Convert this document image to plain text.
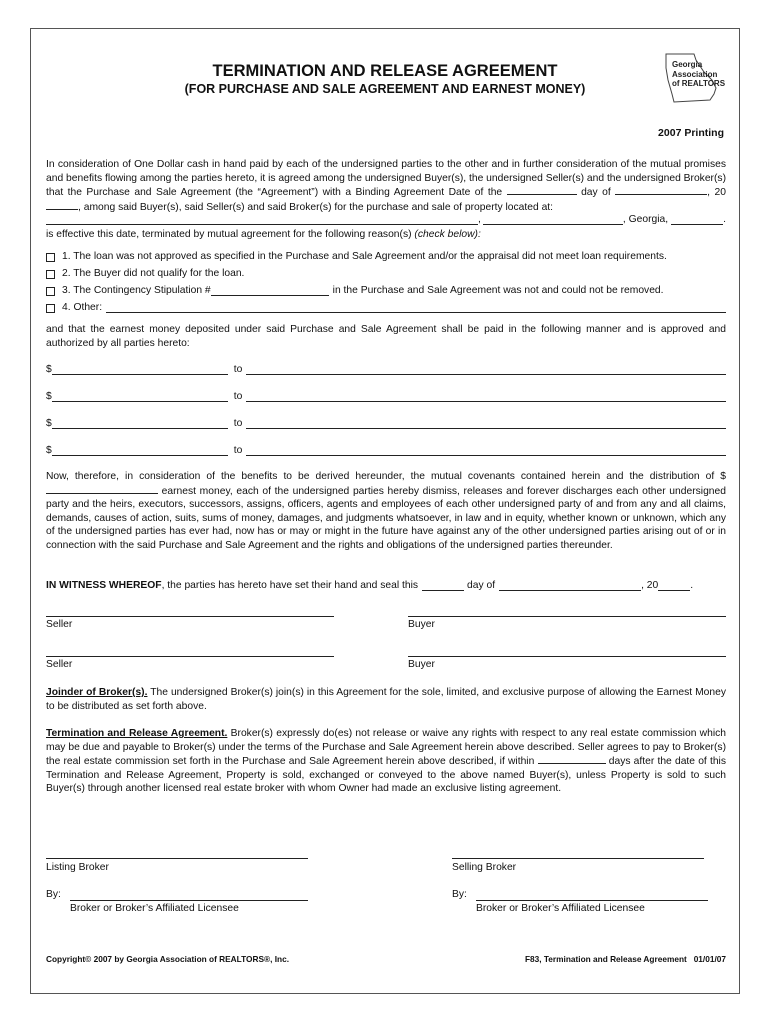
TERMINATION AND RELEASE AGREEMENT
(FOR PURCHASE AND SALE AGREEMENT AND EARNEST MONEY)
Georgia
Association
of REALTORS
2007 Printing
In consideration of One Dollar cash in hand paid by each of the undersigned parties to the other and in further consideration of the mutual promises and benefits flowing among the parties hereto, it is agreed among the undersigned Buyer(s), the undersigned Seller(s) and the undersigned Broker(s) that the Purchase and Sale Agreement (the “Agreement”) with a Binding Agreement Date of the	day of	, 20, among said Buyer(s), said Seller(s) and said Broker(s) for the purchase and sale of property located at:
,	, Georgia,	.
is effective this date, terminated by mutual agreement for the following reason(s) (check below):
1. The loan was not approved as specified in the Purchase and Sale Agreement and/or the appraisal did not meet loan requirements.
2. The Buyer did not qualify for the loan.
3. The Contingency Stipulation #	in the Purchase and Sale Agreement was not and could not be removed.
4. Other:
and that the earnest money deposited under said Purchase and Sale Agreement shall be paid in the following manner and is approved and authorized by all parties hereto:
$	to
$	to
$	to
$	to
Now, therefore, in consideration of the benefits to be derived hereunder, the mutual covenants contained herein and the distribution of $ earnest money, each of the undersigned parties hereby dismiss, releases and forever discharges each other undersigned party and the heirs, executors, successors, assigns, officers, agents and employees of each other undersigned party of and from any and all claims, demands, causes of action, suits, sums of money, damages, and judgments whatsoever, in law and in equity, whether known or unknown, which any of the undersigned parties has ever had, now has or may or might in the future have against any of the other undersigned parties arising out of or in connection with the said Purchase and Sale Agreement and the rights and obligations of the undersigned parties thereunder.
IN WITNESS WHEREOF , the parties has hereto have set their hand and seal this	day of	, 20	.
Seller	Buyer
Seller	Buyer
Joinder of Broker(s). The undersigned Broker(s) join(s) in this Agreement for the sole, limited, and exclusive purpose of allowing the Earnest Money to be distributed as set forth above.
Termination and Release Agreement. Broker(s) expressly do(es) not release or waive any rights with respect to any real estate commission which may be due and payable to Broker(s) under the terms of the Purchase and Sale Agreement herein above described. Seller agrees to pay to Broker(s) the real estate commission set forth in the Purchase and Sale Agreement herein above described, if within	days after the date of this Termination and Release Agreement, Property is sold, exchanged or conveyed to the above named Buyer(s), unless Property is sold to such Buyer(s) through another licensed real estate broker with whom Owner had made an exclusive listing agreement.
Listing Broker	Selling Broker
By:	By:
Broker or Broker’s Affiliated Licensee	Broker or Broker’s Affiliated Licensee
Copyright© 2007 by Georgia Association of REALTORS®, Inc.	F83, Termination and Release Agreement   01/01/07
